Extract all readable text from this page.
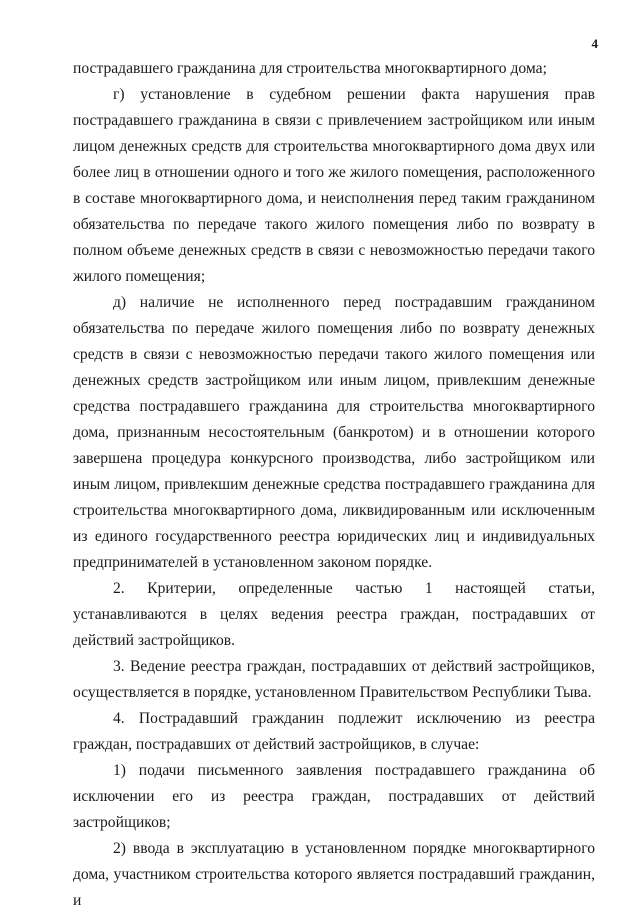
4

пострадавшего гражданина для строительства многоквартирного дома;

г) установление в судебном решении факта нарушения прав пострадавшего гражданина в связи с привлечением застройщиком или иным лицом денежных средств для строительства многоквартирного дома двух или более лиц в отношении одного и того же жилого помещения, расположенного в составе многоквартирного дома, и неисполнения перед таким гражданином обязательства по передаче такого жилого помещения либо по возврату в полном объеме денежных средств в связи с невозможностью передачи такого жилого помещения;

д) наличие не исполненного перед пострадавшим гражданином обязательства по передаче жилого помещения либо по возврату денежных средств в связи с невозможностью передачи такого жилого помещения или денежных средств застройщиком или иным лицом, привлекшим денежные средства пострадавшего гражданина для строительства многоквартирного дома, признанным несостоятельным (банкротом) и в отношении которого завершена процедура конкурсного производства, либо застройщиком или иным лицом, привлекшим денежные средства пострадавшего гражданина для строительства многоквартирного дома, ликвидированным или исключенным из единого государственного реестра юридических лиц и индивидуальных предпринимателей в установленном законом порядке.

2. Критерии, определенные частью 1 настоящей статьи, устанавливаются в целях ведения реестра граждан, пострадавших от действий застройщиков.

3. Ведение реестра граждан, пострадавших от действий застройщиков, осуществляется в порядке, установленном Правительством Республики Тыва.

4. Пострадавший гражданин подлежит исключению из реестра граждан, пострадавших от действий застройщиков, в случае:

1) подачи письменного заявления пострадавшего гражданина об исключении его из реестра граждан, пострадавших от действий застройщиков;

2) ввода в эксплуатацию в установленном порядке многоквартирного дома, участником строительства которого является пострадавший гражданин, и
